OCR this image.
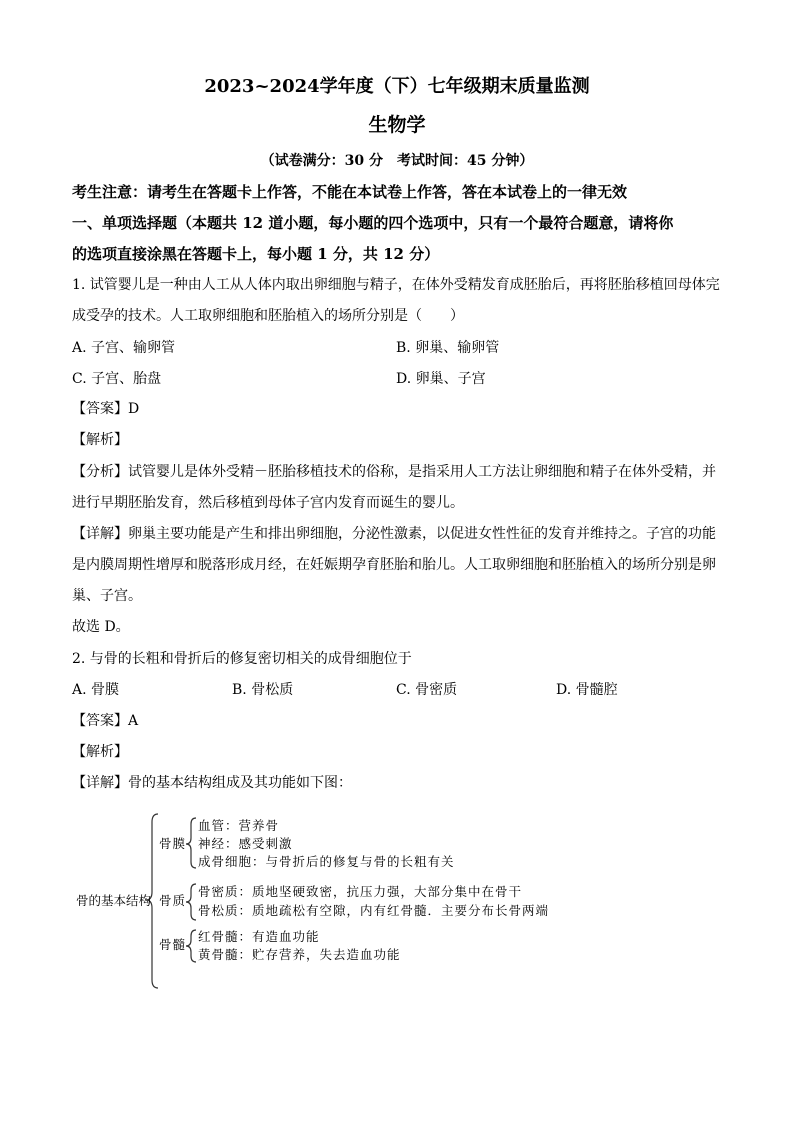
2023~2024学年度（下）七年级期末质量监测
生物学
（试卷满分：30 分　考试时间：45 分钟）
考生注意：请考生在答题卡上作答，不能在本试卷上作答，答在本试卷上的一律无效
一、单项选择题（本题共 12 道小题，每小题的四个选项中，只有一个最符合题意，请将你
的选项直接涂黑在答题卡上，每小题 1 分，共 12 分）
1. 试管婴儿是一种由人工从人体内取出卵细胞与精子，在体外受精发育成胚胎后，再将胚胎移植回母体完
成受孕的技术。人工取卵细胞和胚胎植入的场所分别是（　　）
A. 子宫、输卵管	B. 卵巢、输卵管
C. 子宫、胎盘	D. 卵巢、子宫
【答案】D
【解析】
【分析】试管婴儿是体外受精－胚胎移植技术的俗称，是指采用人工方法让卵细胞和精子在体外受精，并
进行早期胚胎发育，然后移植到母体子宫内发育而诞生的婴儿。
【详解】卵巢主要功能是产生和排出卵细胞，分泌性激素，以促进女性性征的发育并维持之。子宫的功能
是内膜周期性增厚和脱落形成月经，在妊娠期孕育胚胎和胎儿。人工取卵细胞和胚胎植入的场所分别是卵
巢、子宫。
故选 D。
2. 与骨的长粗和骨折后的修复密切相关的成骨细胞位于
A. 骨膜	B. 骨松质	C. 骨密质	D. 骨髓腔
【答案】A
【解析】
【详解】骨的基本结构组成及其功能如下图：
骨的基本结构
骨膜
血管：营养骨
神经：感受刺激
成骨细胞：与骨折后的修复与骨的长粗有关
骨质
骨密质：质地坚硬致密，抗压力强，大部分集中在骨干
骨松质：质地疏松有空隙，内有红骨髓．主要分布长骨两端
骨髓
红骨髓：有造血功能
黄骨髓：贮存营养，失去造血功能
